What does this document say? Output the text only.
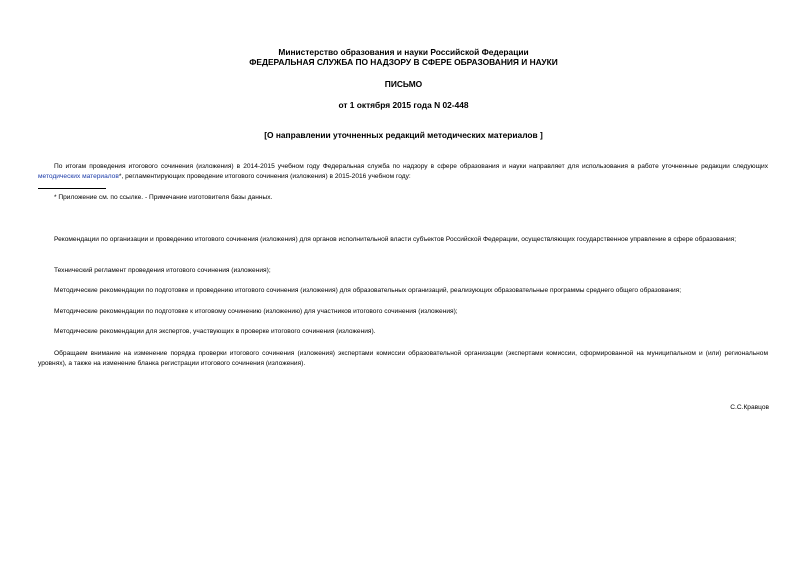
Министерство образования и науки Российской Федерации
ФЕДЕРАЛЬНАЯ СЛУЖБА ПО НАДЗОРУ В СФЕРЕ ОБРАЗОВАНИЯ И НАУКИ
ПИСЬМО
от 1 октября 2015 года N 02-448
[О направлении уточненных редакций методических материалов ]
По итогам проведения итогового сочинения (изложения) в 2014-2015 учебном году Федеральная служба по надзору в сфере образования и науки направляет для использования в работе уточненные редакции следующих методических материалов*, регламентирующих проведение итогового сочинения (изложения) в 2015-2016 учебном году:
* Приложение см. по ссылке. - Примечание изготовителя базы данных.
Рекомендации по организации и проведению итогового сочинения (изложения) для органов исполнительной власти субъектов Российской Федерации, осуществляющих государственное управление в сфере образования;
Технический регламент проведения итогового сочинения (изложения);
Методические рекомендации по подготовке и проведению итогового сочинения (изложения) для образовательных организаций, реализующих образовательные программы среднего общего образования;
Методические рекомендации по подготовке к итоговому сочинению (изложению) для участников итогового сочинения (изложения);
Методические рекомендации для экспертов, участвующих в проверке итогового сочинения (изложения).
Обращаем внимание на изменение порядка проверки итогового сочинения (изложения) экспертами комиссии образовательной организации (экспертами комиссии, сформированной на муниципальном и (или) региональном уровнях), а также на изменение бланка регистрации итогового сочинения (изложения).
С.С.Кравцов
